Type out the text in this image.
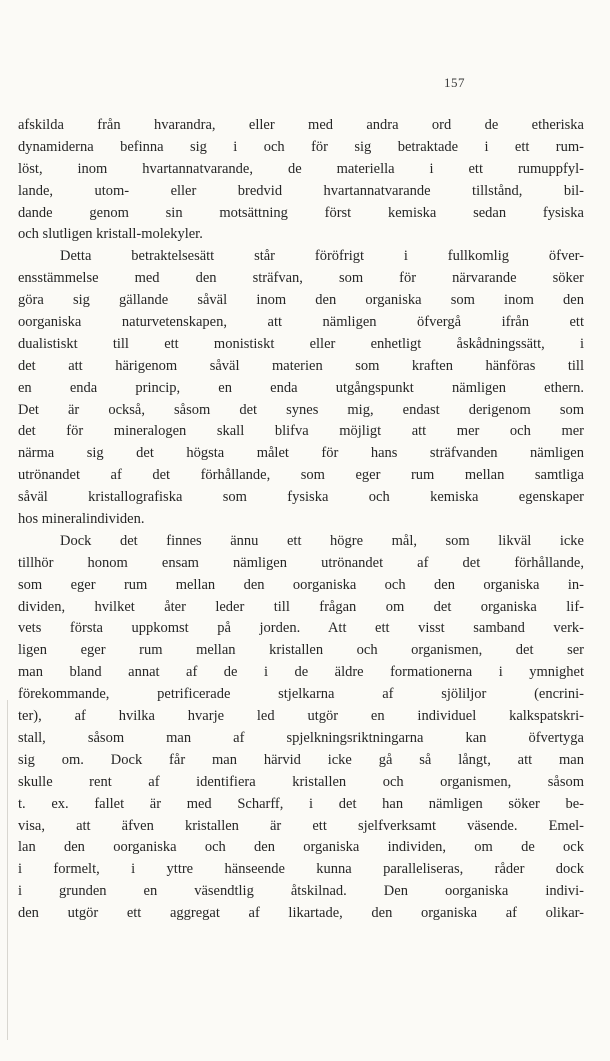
157
afskilda från hvarandra, eller med andra ord de etheriska
dynamiderna befinna sig i och för sig betraktade i ett rum-
löst, inom hvartannatvarande, de materiella i ett rumuppfyl-
lande, utom- eller bredvid hvartannatvarande tillstånd, bil-
dande genom sin motsättning först kemiska sedan fysiska
och slutligen kristall-molekyler.
Detta betraktelsesätt står föröfrigt i fullkomlig öfver-
ensstämmelse med den sträfvan, som för närvarande söker
göra sig gällande såväl inom den organiska som inom den
oorganiska naturvetenskapen, att nämligen öfvergå ifrån ett
dualistiskt till ett monistiskt eller enhetligt åskådningssätt, i
det att härigenom såväl materien som kraften hänföras till
en enda princip, en enda utgångspunkt nämligen ethern.
Det är också, såsom det synes mig, endast derigenom som
det för mineralogen skall blifva möjligt att mer och mer
närma sig det högsta målet för hans sträfvanden nämligen
utrönandet af det förhållande, som eger rum mellan samtliga
såväl kristallografiska som fysiska och kemiska egenskaper
hos mineralindividen.
Dock det finnes ännu ett högre mål, som likväl icke
tillhör honom ensam nämligen utrönandet af det förhållande,
som eger rum mellan den oorganiska och den organiska in-
dividen, hvilket åter leder till frågan om det organiska lif-
vets första uppkomst på jorden. Att ett visst samband verk-
ligen eger rum mellan kristallen och organismen, det ser
man bland annat af de i de äldre formationerna i ymnighet
förekommande, petrificerade stjelkarna af sjöliljor (encrini-
ter), af hvilka hvarje led utgör en individuel kalkspatskri-
stall, såsom man af spjelkningsriktningarna kan öfvertyga
sig om. Dock får man härvid icke gå så långt, att man
skulle rent af identifiera kristallen och organismen, såsom
t. ex. fallet är med Scharff, i det han nämligen söker be-
visa, att äfven kristallen är ett sjelfverksamt väsende. Emel-
lan den oorganiska och den organiska individen, om de ock
i formelt, i yttre hänseende kunna paralleliseras, råder dock
i grunden en väsendtlig åtskilnad. Den oorganiska indivi-
den utgör ett aggregat af likartade, den organiska af olikar-
